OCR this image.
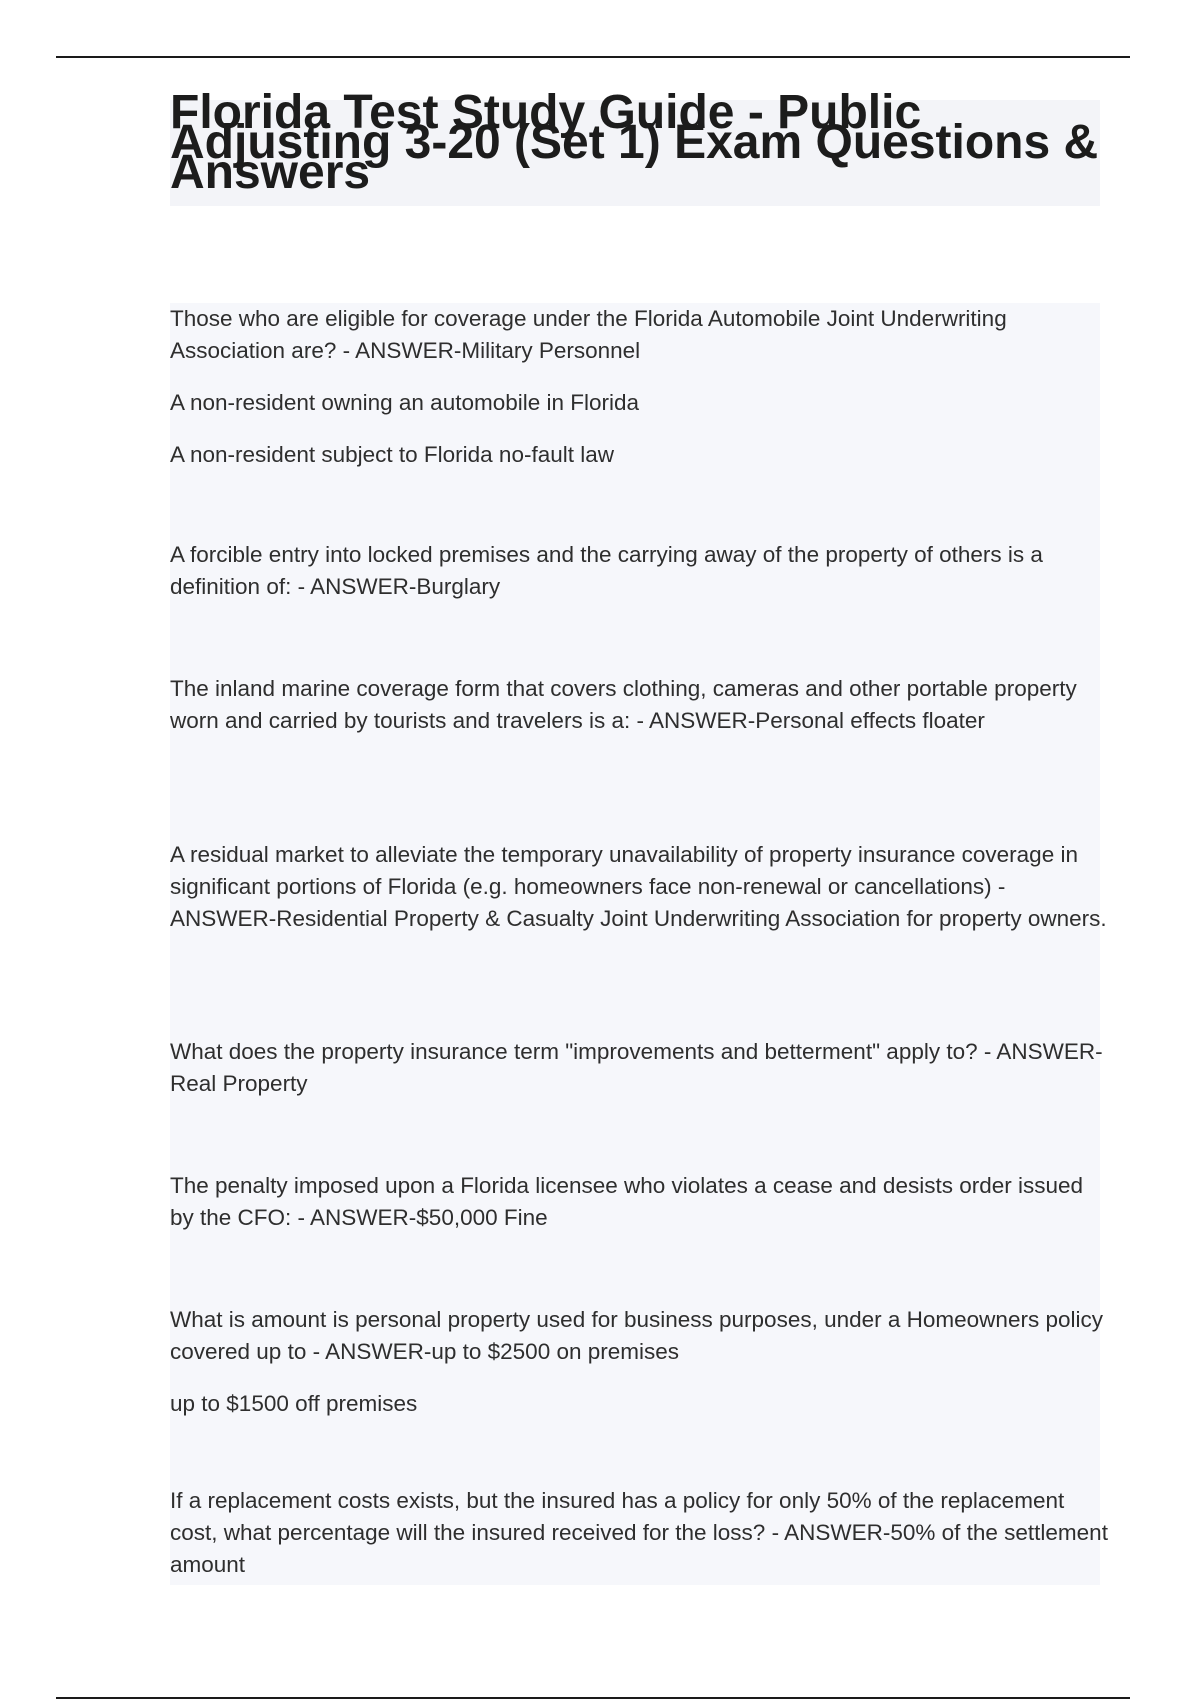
Florida Test Study Guide - Public Adjusting 3-20 (Set 1) Exam Questions & Answers

Those who are eligible for coverage under the Florida Automobile Joint Underwriting Association are? - ANSWER-Military Personnel

A non-resident owning an automobile in Florida

A non-resident subject to Florida no-fault law

A forcible entry into locked premises and the carrying away of the property of others is a definition of: - ANSWER-Burglary

The inland marine coverage form that covers clothing, cameras and other portable property worn and carried by tourists and travelers is a: - ANSWER-Personal effects floater

A residual market to alleviate the temporary unavailability of property insurance coverage in significant portions of Florida (e.g. homeowners face non-renewal or cancellations) - ANSWER-Residential Property & Casualty Joint Underwriting Association for property owners.

What does the property insurance term "improvements and betterment" apply to? - ANSWER-Real Property

The penalty imposed upon a Florida licensee who violates a cease and desists order issued by the CFO: - ANSWER-$50,000 Fine

What is amount is personal property used for business purposes, under a Homeowners policy covered up to - ANSWER-up to $2500 on premises

up to $1500 off premises

If a replacement costs exists, but the insured has a policy for only 50% of the replacement cost, what percentage will the insured received for the loss? - ANSWER-50% of the settlement amount
